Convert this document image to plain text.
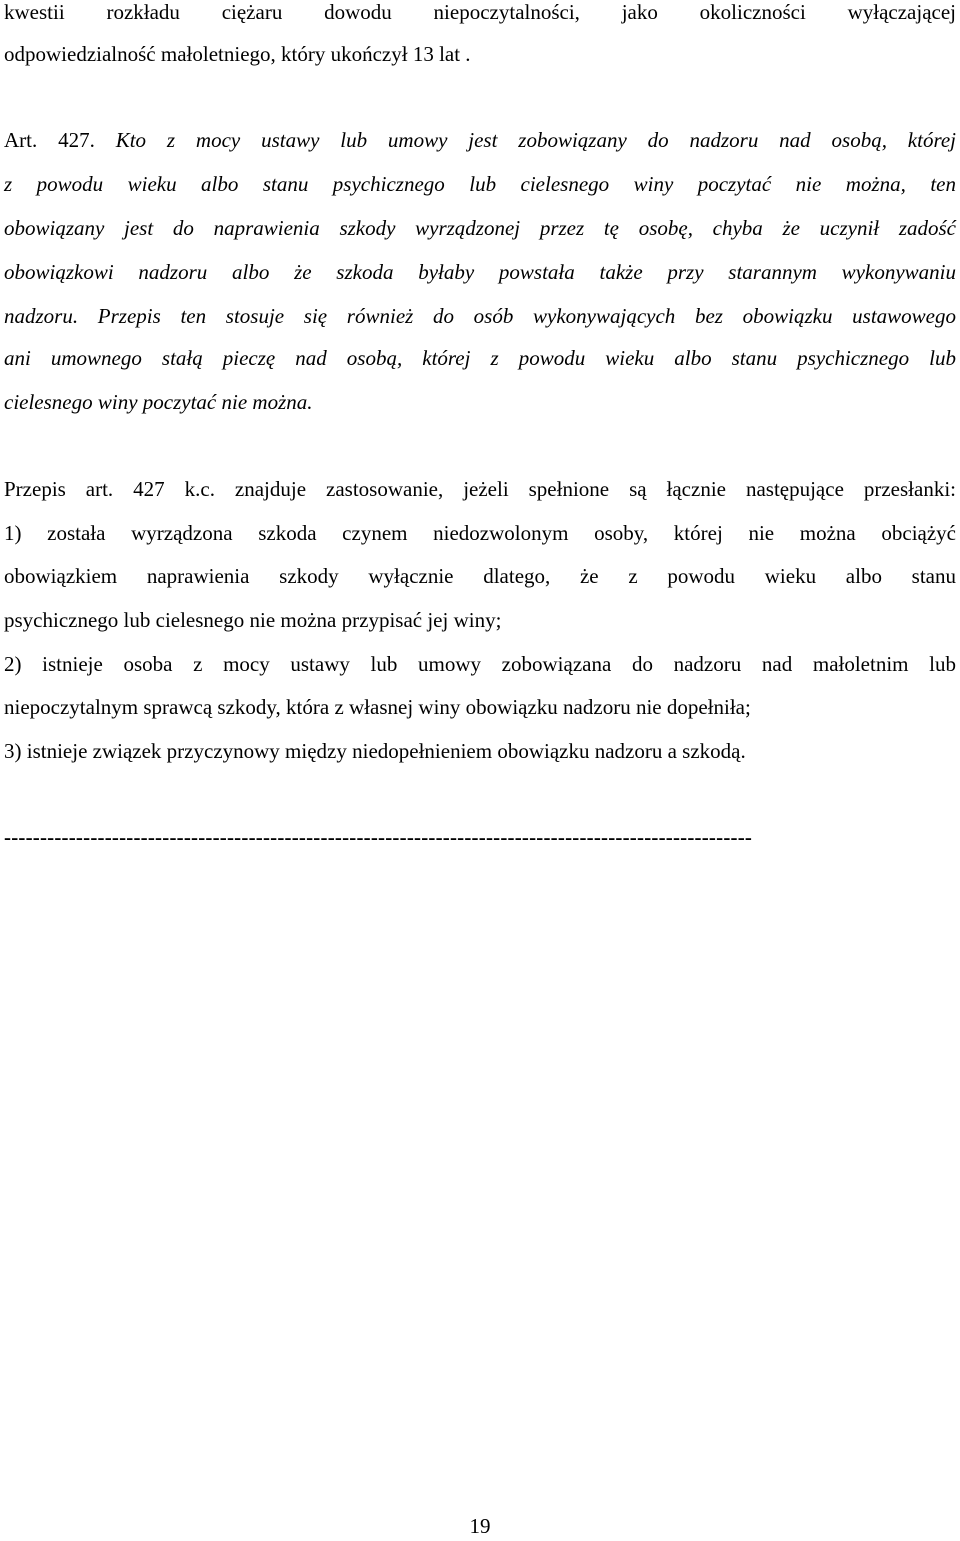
kwestii rozkładu ciężaru dowodu niepoczytalności, jako okoliczności wyłączającej
odpowiedzialność małoletniego, który ukończył 13 lat .
Art. 427. Kto z mocy ustawy lub umowy jest zobowiązany do nadzoru nad osobą, której
z powodu wieku albo stanu psychicznego lub cielesnego winy poczytać nie można, ten
obowiązany jest do naprawienia szkody wyrządzonej przez tę osobę, chyba że uczynił zadość
obowiązkowi nadzoru albo że szkoda byłaby powstała także przy starannym wykonywaniu
nadzoru. Przepis ten stosuje się również do osób wykonywających bez obowiązku ustawowego
ani umownego stałą pieczę nad osobą, której z powodu wieku albo stanu psychicznego lub
cielesnego winy poczytać nie można.
Przepis art. 427 k.c. znajduje zastosowanie, jeżeli spełnione są łącznie następujące przesłanki:
1) została wyrządzona szkoda czynem niedozwolonym osoby, której nie można obciążyć
obowiązkiem naprawienia szkody wyłącznie dlatego, że z powodu wieku albo stanu
psychicznego lub cielesnego nie można przypisać jej winy;
2) istnieje osoba z mocy ustawy lub umowy zobowiązana do nadzoru nad małoletnim lub
niepoczytalnym sprawcą szkody, która z własnej winy obowiązku nadzoru nie dopełniła;
3) istnieje związek przyczynowy między niedopełnieniem obowiązku nadzoru a szkodą.
--------------------------------------------------------------------------------------------------------
19
